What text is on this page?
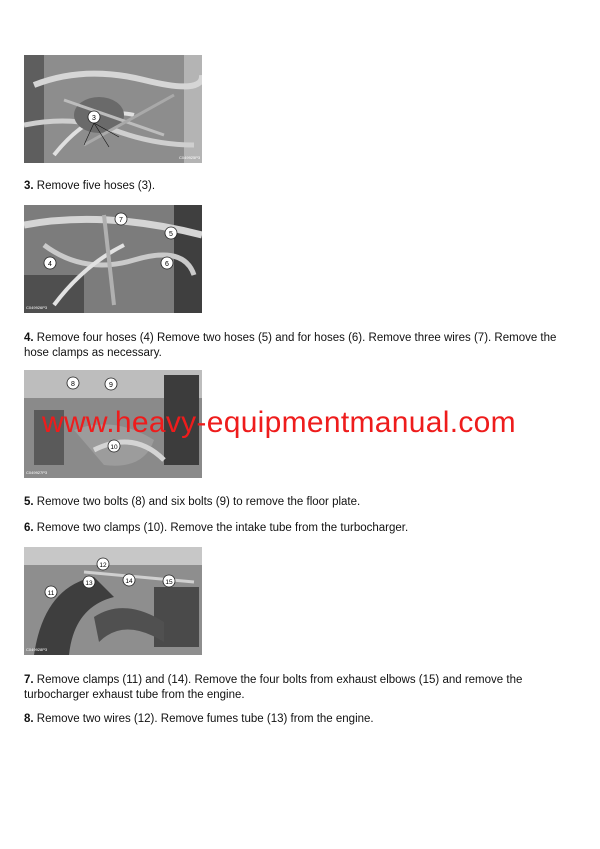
3
C049925P3

3. Remove five hoses (3).

7
5
4	6
C049926P3

4. Remove four hoses (4) Remove two hoses (5) and for hoses (6). Remove three wires (7). Remove the hose clamps as necessary.

8	9
10
C049927P3
www.heavy-equipmentmanual.com

5. Remove two bolts (8) and six bolts (9) to remove the floor plate.

6. Remove two clamps (10). Remove the intake tube from the turbocharger.

12
13	14	15
11
C049928P3

7. Remove clamps (11) and (14). Remove the four bolts from exhaust elbows (15) and remove the turbocharger exhaust tube from the engine.

8. Remove two wires (12). Remove fumes tube (13) from the engine.
